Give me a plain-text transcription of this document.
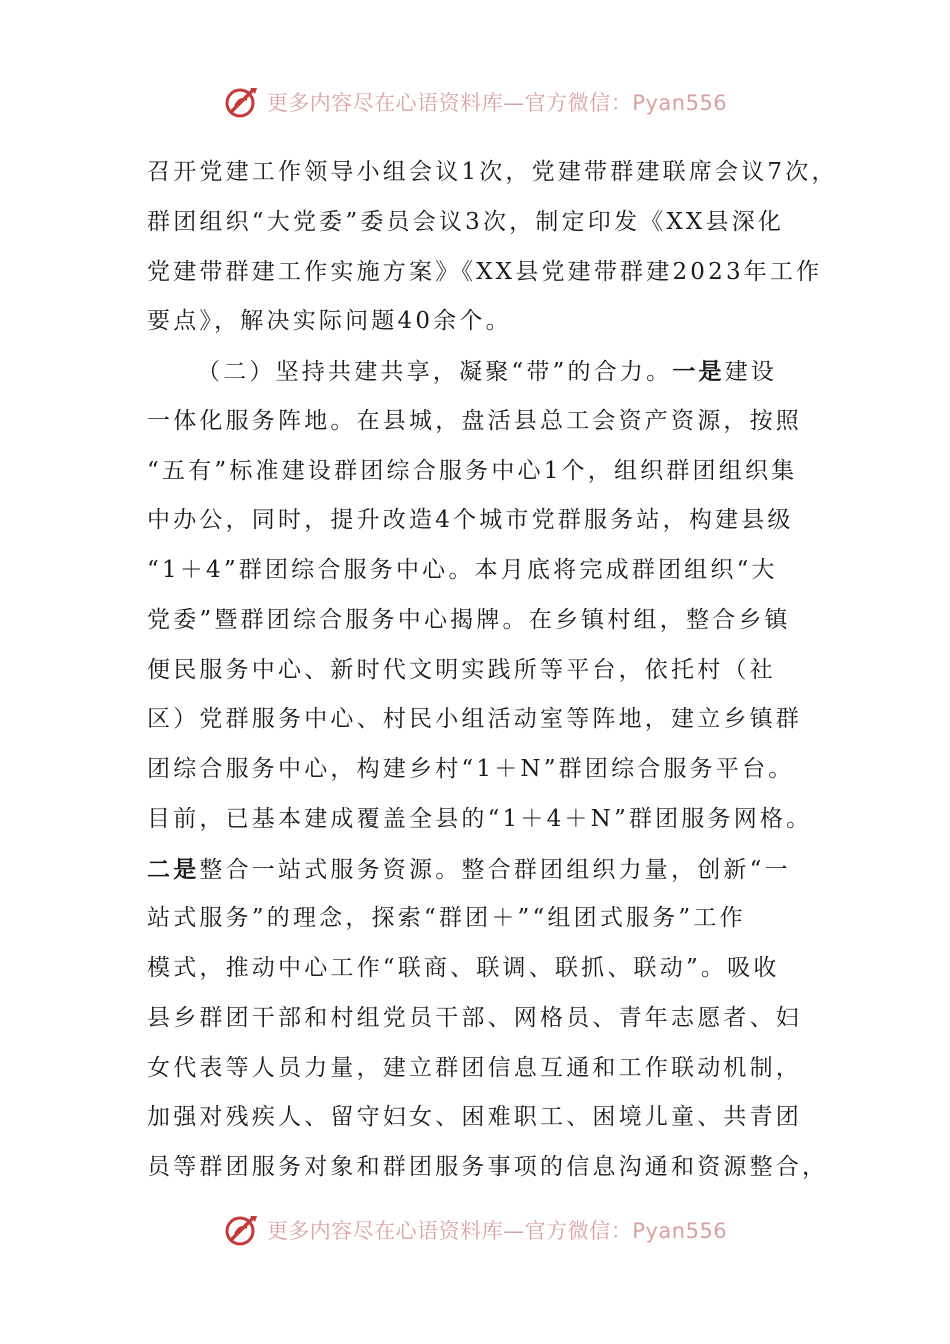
更多内容尽在心语资料库—官方微信：Pyan556
召开党建工作领导小组会议1次，党建带群建联席会议7次，
群团组织“大党委”委员会议3次，制定印发《XX县深化
党建带群建工作实施方案》《XX县党建带群建2023年工作
要点》，解决实际问题40余个。
（二）坚持共建共享，凝聚“带”的合力。一是建设
一体化服务阵地。在县城，盘活县总工会资产资源，按照
“五有”标准建设群团综合服务中心1个，组织群团组织集
中办公，同时，提升改造4个城市党群服务站，构建县级
“1＋4”群团综合服务中心。本月底将完成群团组织“大
党委”暨群团综合服务中心揭牌。在乡镇村组，整合乡镇
便民服务中心、新时代文明实践所等平台，依托村（社
区）党群服务中心、村民小组活动室等阵地，建立乡镇群
团综合服务中心，构建乡村“1＋N”群团综合服务平台。
目前，已基本建成覆盖全县的“1＋4＋N”群团服务网格。
二是整合一站式服务资源。整合群团组织力量，创新“一
站式服务”的理念，探索“群团＋”“组团式服务”工作
模式，推动中心工作“联商、联调、联抓、联动”。吸收
县乡群团干部和村组党员干部、网格员、青年志愿者、妇
女代表等人员力量，建立群团信息互通和工作联动机制，
加强对残疾人、留守妇女、困难职工、困境儿童、共青团
员等群团服务对象和群团服务事项的信息沟通和资源整合，
更多内容尽在心语资料库—官方微信：Pyan556
